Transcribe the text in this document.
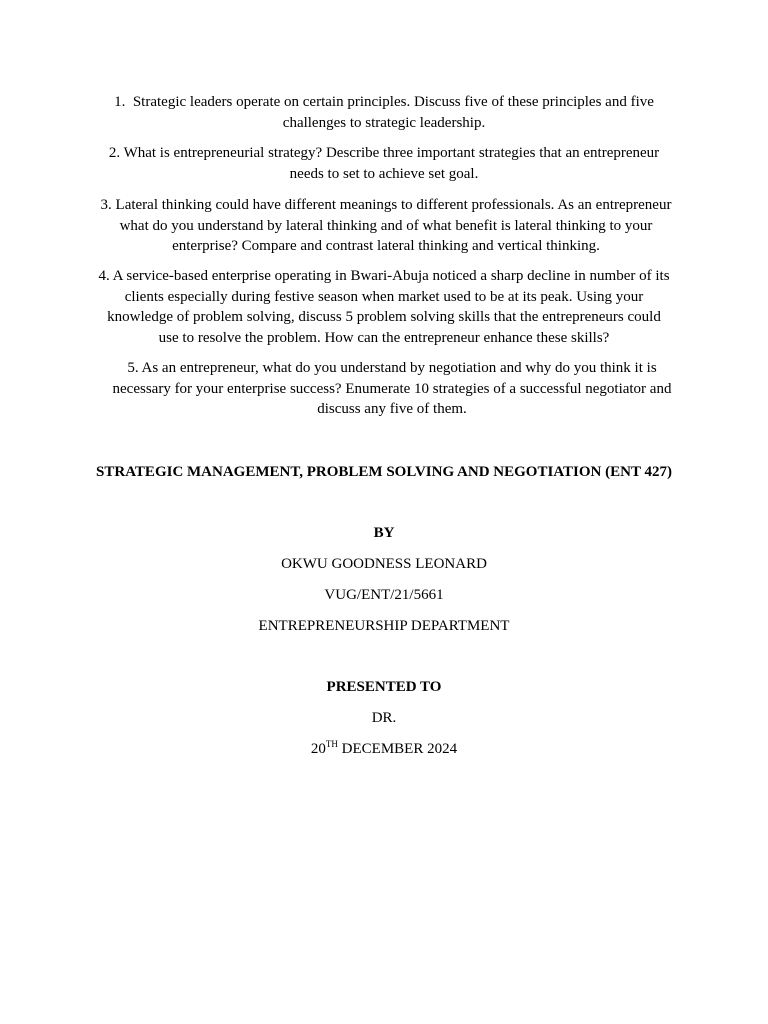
1. Strategic leaders operate on certain principles. Discuss five of these principles and five challenges to strategic leadership.

2. What is entrepreneurial strategy? Describe three important strategies that an entrepreneur needs to set to achieve set goal.

3. Lateral thinking could have different meanings to different professionals. As an entrepreneur what do you understand by lateral thinking and of what benefit is lateral thinking to your enterprise? Compare and contrast lateral thinking and vertical thinking.

4. A service-based enterprise operating in Bwari-Abuja noticed a sharp decline in number of its clients especially during festive season when market used to be at its peak. Using your knowledge of problem solving, discuss 5 problem solving skills that the entrepreneurs could use to resolve the problem. How can the entrepreneur enhance these skills?

5. As an entrepreneur, what do you understand by negotiation and why do you think it is necessary for your enterprise success? Enumerate 10 strategies of a successful negotiator and discuss any five of them.

STRATEGIC MANAGEMENT, PROBLEM SOLVING AND NEGOTIATION (ENT 427)

BY

OKWU GOODNESS LEONARD

VUG/ENT/21/5661

ENTREPRENEURSHIP DEPARTMENT

PRESENTED TO

DR.

20TH DECEMBER 2024
